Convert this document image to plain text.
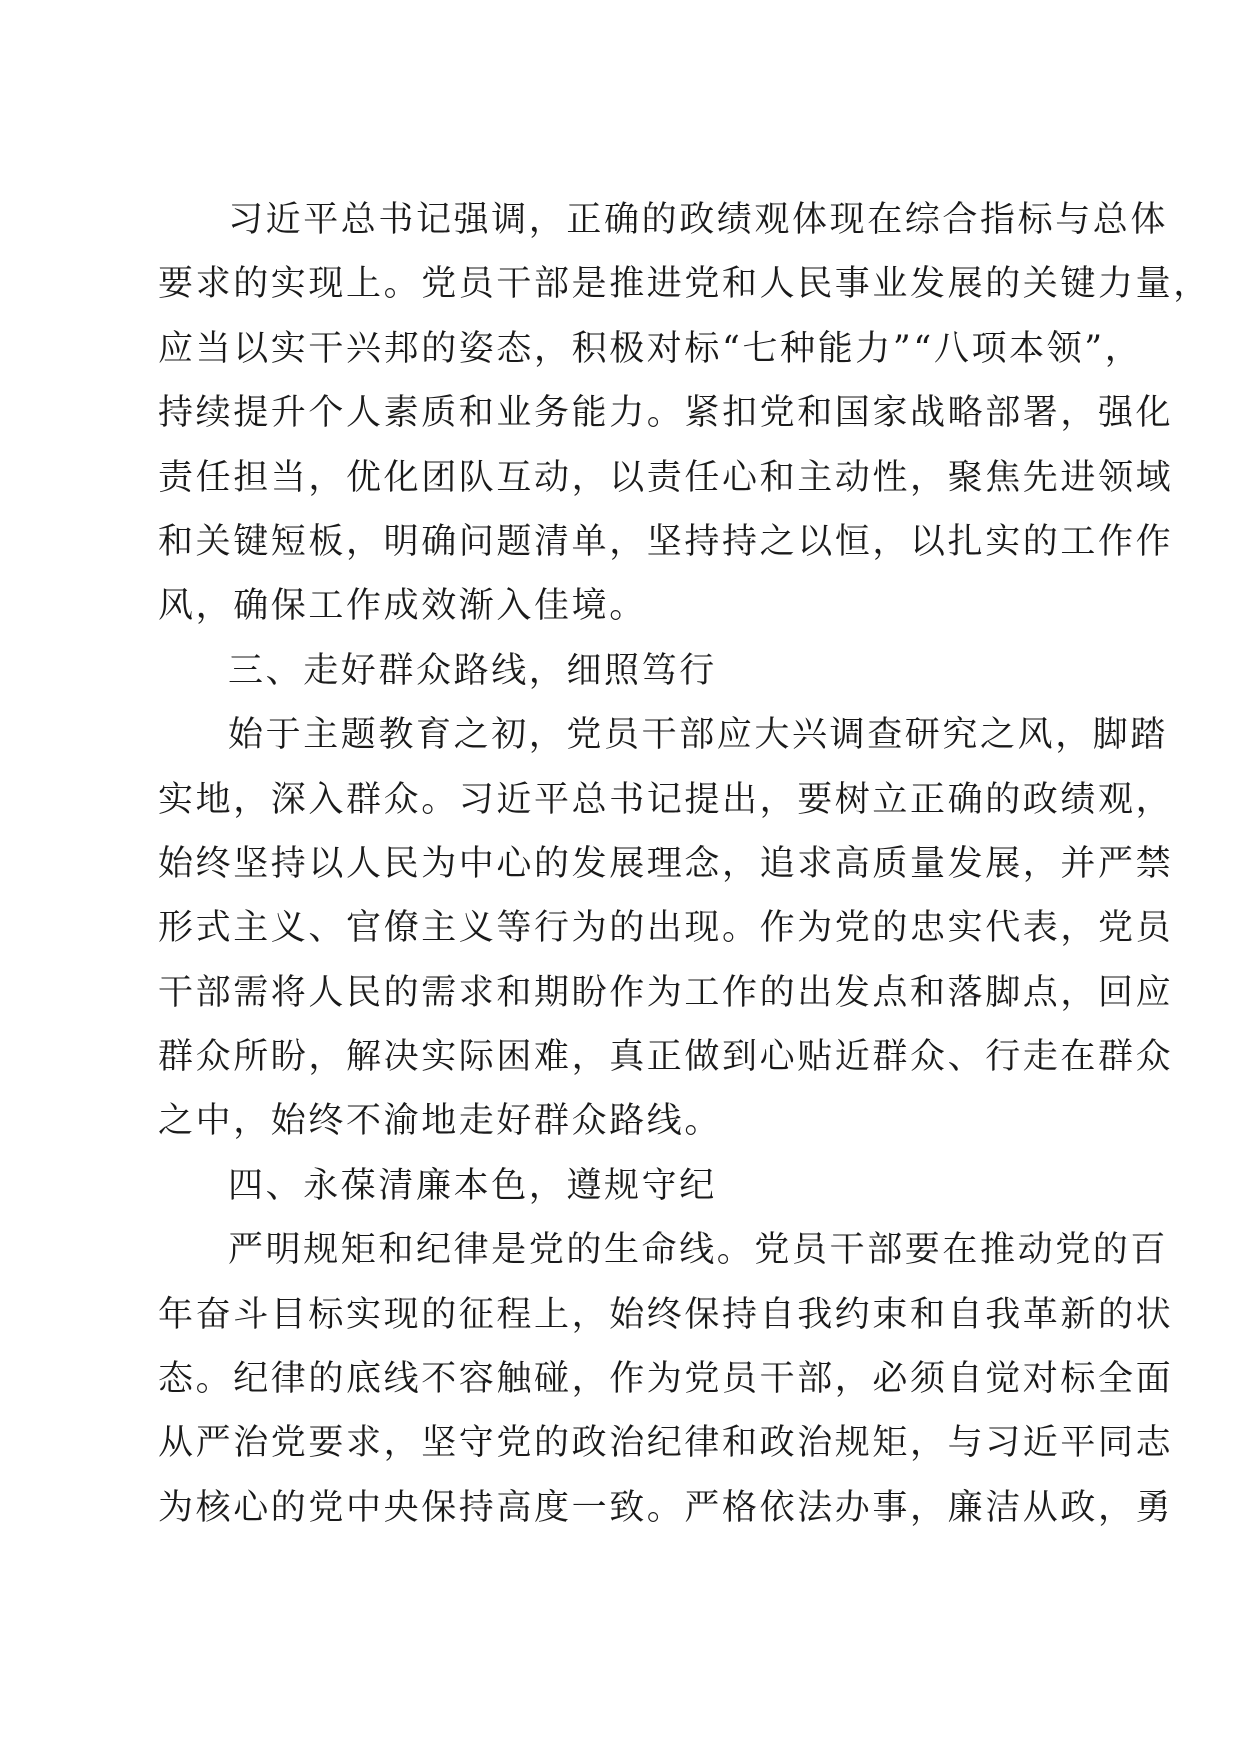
习近平总书记强调，正确的政绩观体现在综合指标与总体
要求的实现上。党员干部是推进党和人民事业发展的关键力量，
应当以实干兴邦的姿态，积极对标“七种能力”“八项本领”，
持续提升个人素质和业务能力。紧扣党和国家战略部署，强化
责任担当，优化团队互动，以责任心和主动性，聚焦先进领域
和关键短板，明确问题清单，坚持持之以恒，以扎实的工作作
风，确保工作成效渐入佳境。
三、走好群众路线，细照笃行
始于主题教育之初，党员干部应大兴调查研究之风，脚踏
实地，深入群众。习近平总书记提出，要树立正确的政绩观，
始终坚持以人民为中心的发展理念，追求高质量发展，并严禁
形式主义、官僚主义等行为的出现。作为党的忠实代表，党员
干部需将人民的需求和期盼作为工作的出发点和落脚点，回应
群众所盼，解决实际困难，真正做到心贴近群众、行走在群众
之中，始终不渝地走好群众路线。
四、永葆清廉本色，遵规守纪
严明规矩和纪律是党的生命线。党员干部要在推动党的百
年奋斗目标实现的征程上，始终保持自我约束和自我革新的状
态。纪律的底线不容触碰，作为党员干部，必须自觉对标全面
从严治党要求，坚守党的政治纪律和政治规矩，与习近平同志
为核心的党中央保持高度一致。严格依法办事，廉洁从政，勇
